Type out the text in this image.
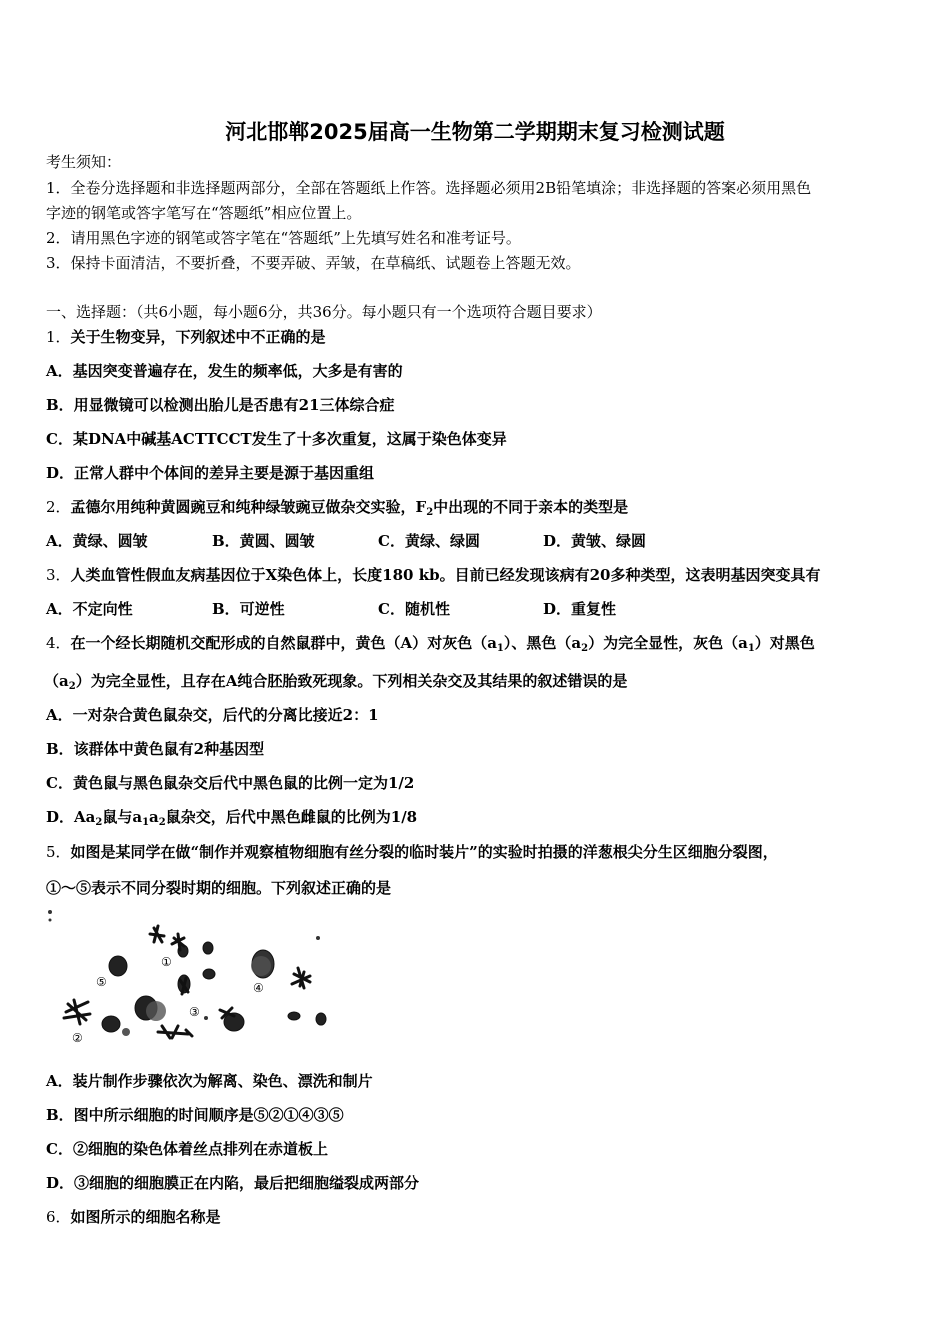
河北邯郸2025届高一生物第二学期期末复习检测试题
考生须知：
1．全卷分选择题和非选择题两部分，全部在答题纸上作答。选择题必须用2B铅笔填涂；非选择题的答案必须用黑色
字迹的钢笔或答字笔写在“答题纸”相应位置上。
2．请用黑色字迹的钢笔或答字笔在“答题纸”上先填写姓名和准考证号。
3．保持卡面清洁，不要折叠，不要弄破、弄皱，在草稿纸、试题卷上答题无效。
一、选择题：（共6小题，每小题6分，共36分。每小题只有一个选项符合题目要求）
1．关于生物变异，下列叙述中不正确的是
A．基因突变普遍存在，发生的频率低，大多是有害的
B．用显微镜可以检测出胎儿是否患有21三体综合症
C．某DNA中碱基ACTTCCT发生了十多次重复，这属于染色体变异
D．正常人群中个体间的差异主要是源于基因重组
2．孟德尔用纯种黄圆豌豆和纯种绿皱豌豆做杂交实验，$F_2$中出现的不同于亲本的类型是
A．黄绿、圆皱	B．黄圆、圆皱	C．黄绿、绿圆	D．黄皱、绿圆
3．人类血管性假血友病基因位于X染色体上，长度180 kb。目前已经发现该病有20多种类型，这表明基因突变具有
A．不定向性	B．可逆性	C．随机性	D．重复性
4．在一个经长期随机交配形成的自然鼠群中，黄色（A）对灰色$(a_1)$、黑色$(a_2)$为完全显性，灰色$(a_1)$对黑色
$(a_2)$为完全显性，且存在A纯合胚胎致死现象。下列相关杂交及其结果的叙述错误的是
A．一对杂合黄色鼠杂交，后代的分离比接近2：1
B．该群体中黄色鼠有2种基因型
C．黄色鼠与黑色鼠杂交后代中黑色鼠的比例一定为1/2
D．$Aa_2$鼠与$a_1a_2$鼠杂交，后代中黑色雌鼠的比例为1/8
5．如图是某同学在做“制作并观察植物细胞有丝分裂的临时装片”的实验时拍摄的洋葱根尖分生区细胞分裂图，
①～⑤表示不同分裂时期的细胞。下列叙述正确的是
①
②
③
④
⑤
A．装片制作步骤依次为解离、染色、漂洗和制片
B．图中所示细胞的时间顺序是⑤②①④③⑤
C．②细胞的染色体着丝点排列在赤道板上
D．③细胞的细胞膜正在内陷，最后把细胞缢裂成两部分
6．如图所示的细胞名称是
